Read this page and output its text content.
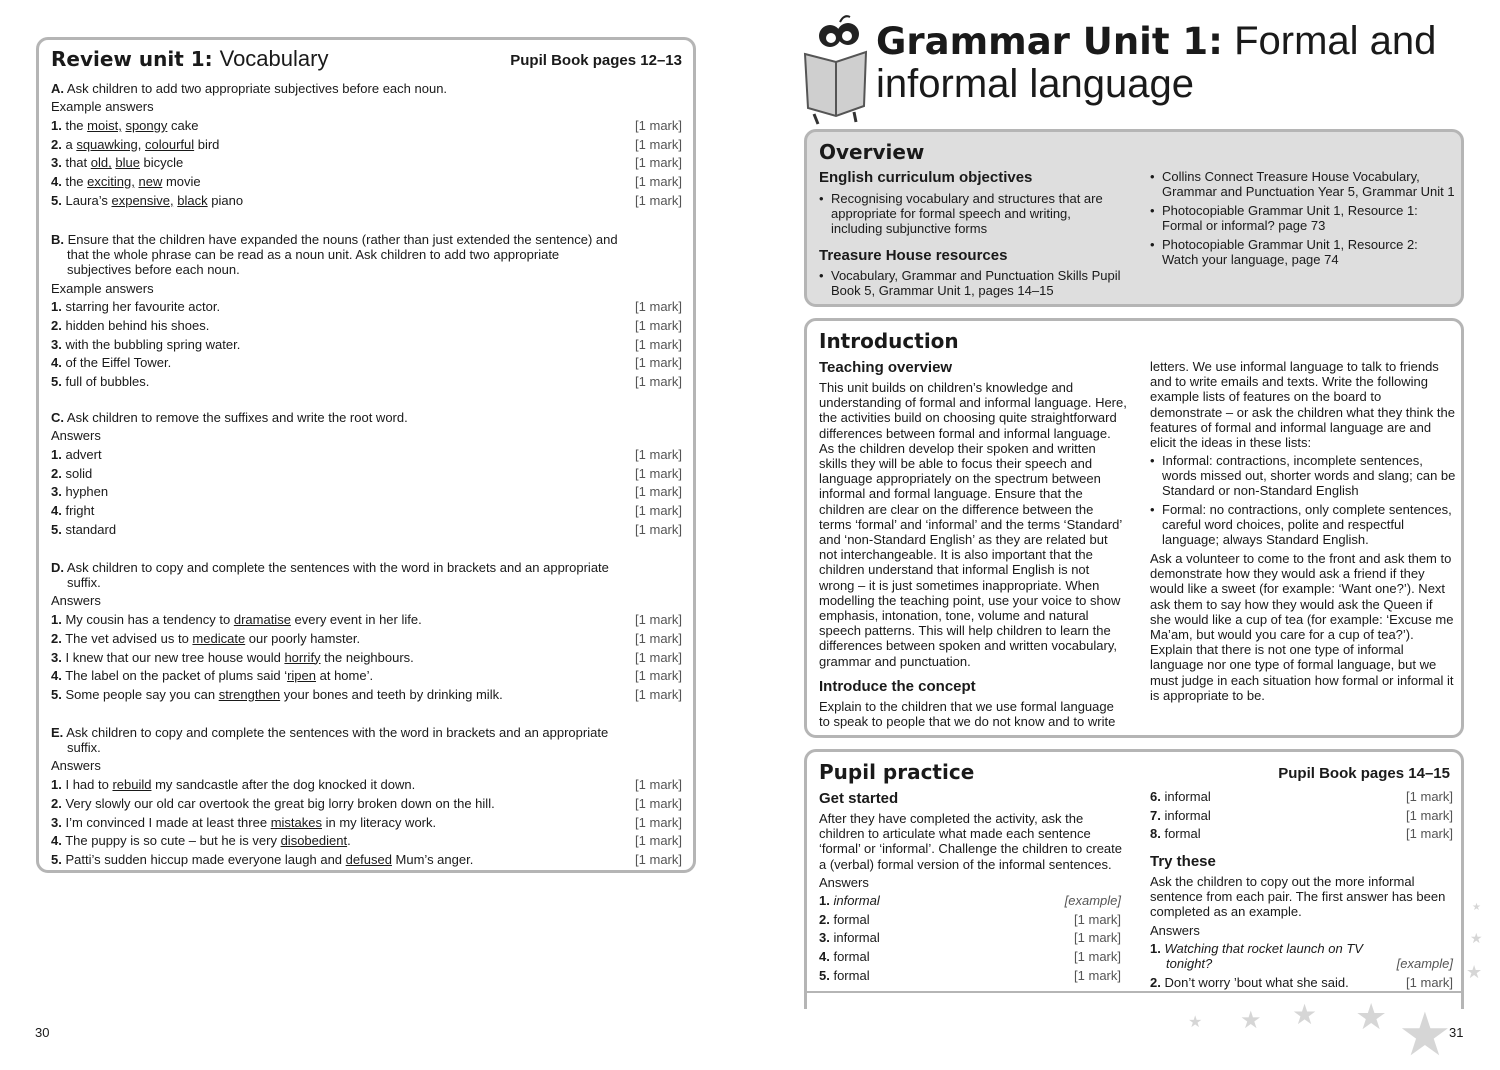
Review unit 1: Vocabulary	Pupil Book pages 12–13
A. Ask children to add two appropriate subjectives before each noun.
Example answers
1. the moist, spongy cake	[1 mark]
2. a squawking, colourful bird	[1 mark]
3. that old, blue bicycle	[1 mark]
4. the exciting, new movie	[1 mark]
5. Laura’s expensive, black piano	[1 mark]
B. Ensure that the children have expanded the nouns (rather than just extended the sentence) and that the whole phrase can be read as a noun unit. Ask children to add two appropriate subjectives before each noun.
Example answers
1. starring her favourite actor.	[1 mark]
2. hidden behind his shoes.	[1 mark]
3. with the bubbling spring water.	[1 mark]
4. of the Eiffel Tower.	[1 mark]
5. full of bubbles.	[1 mark]
C. Ask children to remove the suffixes and write the root word.
Answers
1. advert	[1 mark]
2. solid	[1 mark]
3. hyphen	[1 mark]
4. fright	[1 mark]
5. standard	[1 mark]
D. Ask children to copy and complete the sentences with the word in brackets and an appropriate suffix.
Answers
1. My cousin has a tendency to dramatise every event in her life.	[1 mark]
2. The vet advised us to medicate our poorly hamster.	[1 mark]
3. I knew that our new tree house would horrify the neighbours.	[1 mark]
4. The label on the packet of plums said ‘ripen at home’.	[1 mark]
5. Some people say you can strengthen your bones and teeth by drinking milk.	[1 mark]
E. Ask children to copy and complete the sentences with the word in brackets and an appropriate suffix.
Answers
1. I had to rebuild my sandcastle after the dog knocked it down.	[1 mark]
2. Very slowly our old car overtook the great big lorry broken down on the hill.	[1 mark]
3. I’m convinced I made at least three mistakes in my literacy work.	[1 mark]
4. The puppy is so cute – but he is very disobedient.	[1 mark]
5. Patti’s sudden hiccup made everyone laugh and defused Mum’s anger.	[1 mark]
30
Grammar Unit 1: Formal and
informal language
Overview
English curriculum objectives
• Recognising vocabulary and structures that are appropriate for formal speech and writing, including subjunctive forms
Treasure House resources
• Vocabulary, Grammar and Punctuation Skills Pupil Book 5, Grammar Unit 1, pages 14–15
• Collins Connect Treasure House Vocabulary, Grammar and Punctuation Year 5, Grammar Unit 1
• Photocopiable Grammar Unit 1, Resource 1: Formal or informal? page 73
• Photocopiable Grammar Unit 1, Resource 2: Watch your language, page 74
Introduction
Teaching overview
This unit builds on children’s knowledge and understanding of formal and informal language. Here, the activities build on choosing quite straightforward differences between formal and informal language. As the children develop their spoken and written skills they will be able to focus their speech and language appropriately on the spectrum between informal and formal language. Ensure that the children are clear on the difference between the terms ‘formal’ and ‘informal’ and the terms ‘Standard’ and ‘non-Standard English’ as they are related but not interchangeable. It is also important that the children understand that informal English is not wrong – it is just sometimes inappropriate. When modelling the teaching point, use your voice to show emphasis, intonation, tone, volume and natural speech patterns. This will help children to learn the differences between spoken and written vocabulary, grammar and punctuation.
Introduce the concept
Explain to the children that we use formal language to speak to people that we do not know and to write
letters. We use informal language to talk to friends and to write emails and texts. Write the following example lists of features on the board to demonstrate – or ask the children what they think the features of formal and informal language are and elicit the ideas in these lists:
• Informal: contractions, incomplete sentences, words missed out, shorter words and slang; can be Standard or non-Standard English
• Formal: no contractions, only complete sentences, careful word choices, polite and respectful language; always Standard English.
Ask a volunteer to come to the front and ask them to demonstrate how they would ask a friend if they would like a sweet (for example: ‘Want one?’). Next ask them to say how they would ask the Queen if she would like a cup of tea (for example: ‘Excuse me Ma’am, but would you care for a cup of tea?’). Explain that there is not one type of informal language nor one type of formal language, but we must judge in each situation how formal or informal it is appropriate to be.
Pupil practice	Pupil Book pages 14–15
Get started
After they have completed the activity, ask the children to articulate what made each sentence ‘formal’ or ‘informal’. Challenge the children to create a (verbal) formal version of the informal sentences.
Answers
1. informal	[example]
2. formal	[1 mark]
3. informal	[1 mark]
4. formal	[1 mark]
5. formal	[1 mark]
6. informal	[1 mark]
7. informal	[1 mark]
8. formal	[1 mark]
Try these
Ask the children to copy out the more informal sentence from each pair. The first answer has been completed as an example.
Answers
1. Watching that rocket launch on TV tonight?	[example]
2. Don’t worry ’bout what she said.	[1 mark]
★
★
★
★
★
★
★
★
31
